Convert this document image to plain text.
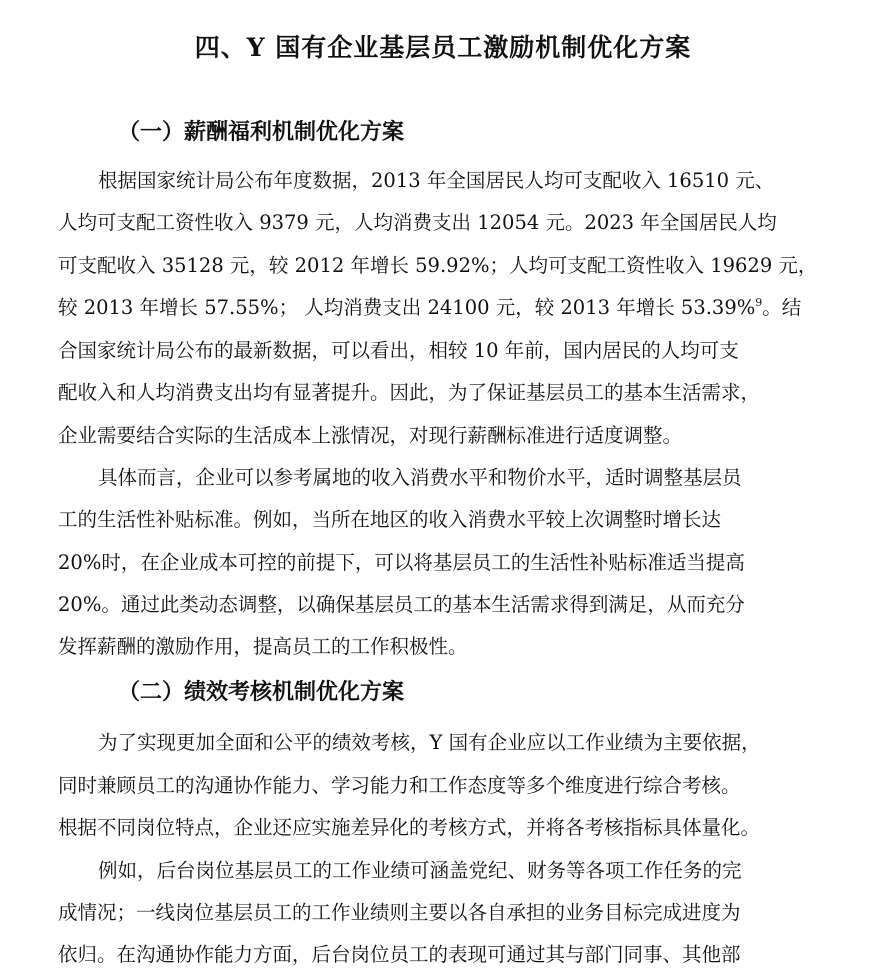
四、Y 国有企业基层员工激励机制优化方案
（一）薪酬福利机制优化方案
根据国家统计局公布年度数据，2013 年全国居民人均可支配收入 16510 元、
人均可支配工资性收入 9379 元，人均消费支出 12054 元。2023 年全国居民人均
可支配收入 35128 元，较 2012 年增长 59.92%；人均可支配工资性收入 19629 元，
较 2013 年增长 57.55%； 人均消费支出 24100 元，较 2013 年增长 53.39%$^9$。结
合国家统计局公布的最新数据，可以看出，相较 10 年前，国内居民的人均可支
配收入和人均消费支出均有显著提升。因此，为了保证基层员工的基本生活需求，
企业需要结合实际的生活成本上涨情况，对现行薪酬标准进行适度调整。
具体而言，企业可以参考属地的收入消费水平和物价水平，适时调整基层员
工的生活性补贴标准。例如，当所在地区的收入消费水平较上次调整时增长达
20%时，在企业成本可控的前提下，可以将基层员工的生活性补贴标准适当提高
20%。通过此类动态调整，以确保基层员工的基本生活需求得到满足，从而充分
发挥薪酬的激励作用，提高员工的工作积极性。
（二）绩效考核机制优化方案
为了实现更加全面和公平的绩效考核，Y 国有企业应以工作业绩为主要依据，
同时兼顾员工的沟通协作能力、学习能力和工作态度等多个维度进行综合考核。
根据不同岗位特点，企业还应实施差异化的考核方式，并将各考核指标具体量化。
例如，后台岗位基层员工的工作业绩可涵盖党纪、财务等各项工作任务的完
成情况；一线岗位基层员工的工作业绩则主要以各自承担的业务目标完成进度为
依归。在沟通协作能力方面，后台岗位员工的表现可通过其与部门同事、其他部
